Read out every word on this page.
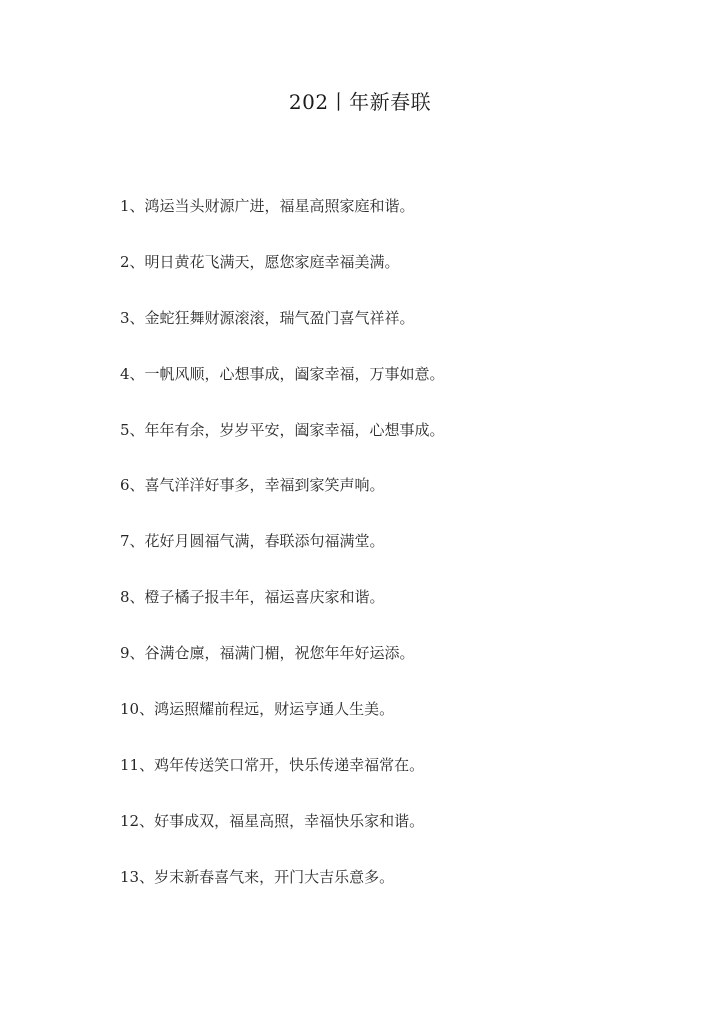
202丨年新春联
1、鸿运当头财源广进，福星高照家庭和谐。
2、明日黄花飞满天，愿您家庭幸福美满。
3、金蛇狂舞财源滚滚，瑞气盈门喜气祥祥。
4、一帆风顺，心想事成，阖家幸福，万事如意。
5、年年有余，岁岁平安，阖家幸福，心想事成。
6、喜气洋洋好事多，幸福到家笑声响。
7、花好月圆福气满，春联添句福满堂。
8、橙子橘子报丰年，福运喜庆家和谐。
9、谷满仓廪，福满门楣，祝您年年好运添。
10、鸿运照耀前程远，财运亨通人生美。
11、鸡年传送笑口常开，快乐传递幸福常在。
12、好事成双，福星高照，幸福快乐家和谐。
13、岁末新春喜气来，开门大吉乐意多。
